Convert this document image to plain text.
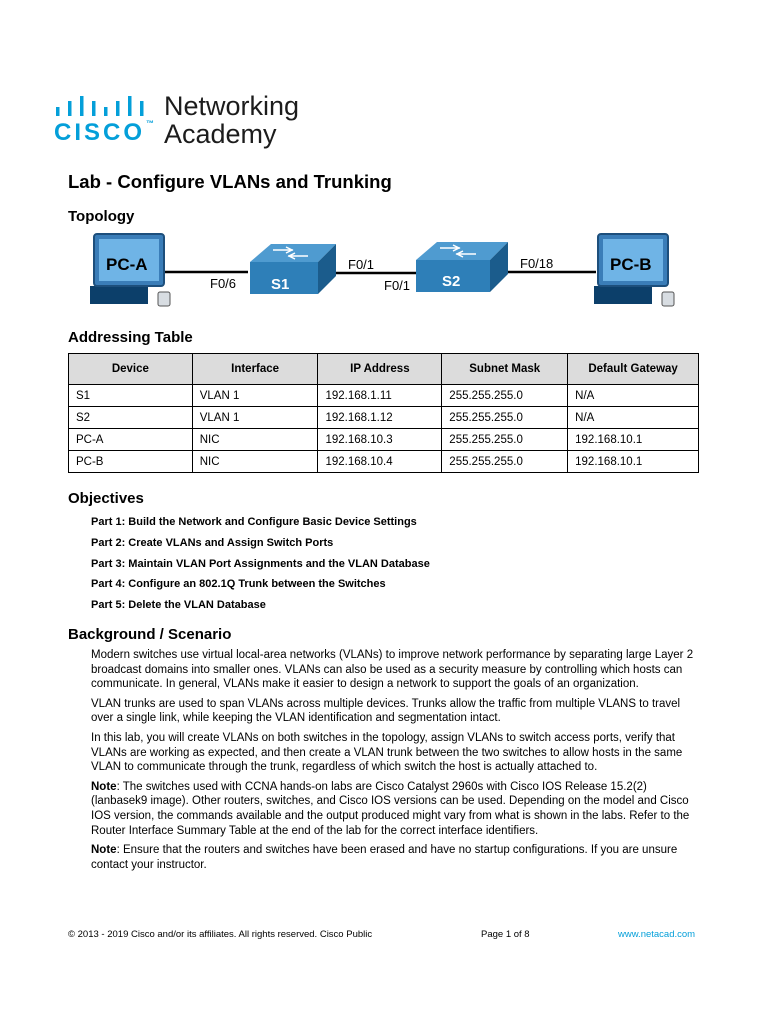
CISCO™
Networking
Academy
Lab - Configure VLANs and Trunking
Topology
PC-A
F0/6 S1
F0/1
F0/1 S2
F0/18	PC-B
Addressing Table
Device	Interface	IP Address	Subnet Mask	Default Gateway
S1	VLAN 1	192.168.1.11	255.255.255.0	N/A
S2	VLAN 1	192.168.1.12	255.255.255.0	N/A
PC-A	NIC	192.168.10.3	255.255.255.0	192.168.10.1
PC-B	NIC	192.168.10.4	255.255.255.0	192.168.10.1
Objectives
Part 1: Build the Network and Configure Basic Device Settings
Part 2: Create VLANs and Assign Switch Ports
Part 3: Maintain VLAN Port Assignments and the VLAN Database
Part 4: Configure an 802.1Q Trunk between the Switches
Part 5: Delete the VLAN Database
Background / Scenario

Modern switches use virtual local-area networks (VLANs) to improve network performance by separating large Layer 2 broadcast domains into smaller ones. VLANs can also be used as a security measure by controlling which hosts can communicate. In general, VLANs make it easier to design a network to support the goals of an organization.

VLAN trunks are used to span VLANs across multiple devices. Trunks allow the traffic from multiple VLANS to travel over a single link, while keeping the VLAN identification and segmentation intact.

In this lab, you will create VLANs on both switches in the topology, assign VLANs to switch access ports, verify that VLANs are working as expected, and then create a VLAN trunk between the two switches to allow hosts in the same VLAN to communicate through the trunk, regardless of which switch the host is actually attached to.

Note: The switches used with CCNA hands-on labs are Cisco Catalyst 2960s with Cisco IOS Release 15.2(2) (lanbasek9 image). Other routers, switches, and Cisco IOS versions can be used. Depending on the model and Cisco IOS version, the commands available and the output produced might vary from what is shown in the labs. Refer to the Router Interface Summary Table at the end of the lab for the correct interface identifiers.

Note: Ensure that the routers and switches have been erased and have no startup configurations. If you are unsure contact your instructor.

© 2013 - 2019 Cisco and/or its affiliates. All rights reserved. Cisco Public	Page 1 of 8	www.netacad.com
